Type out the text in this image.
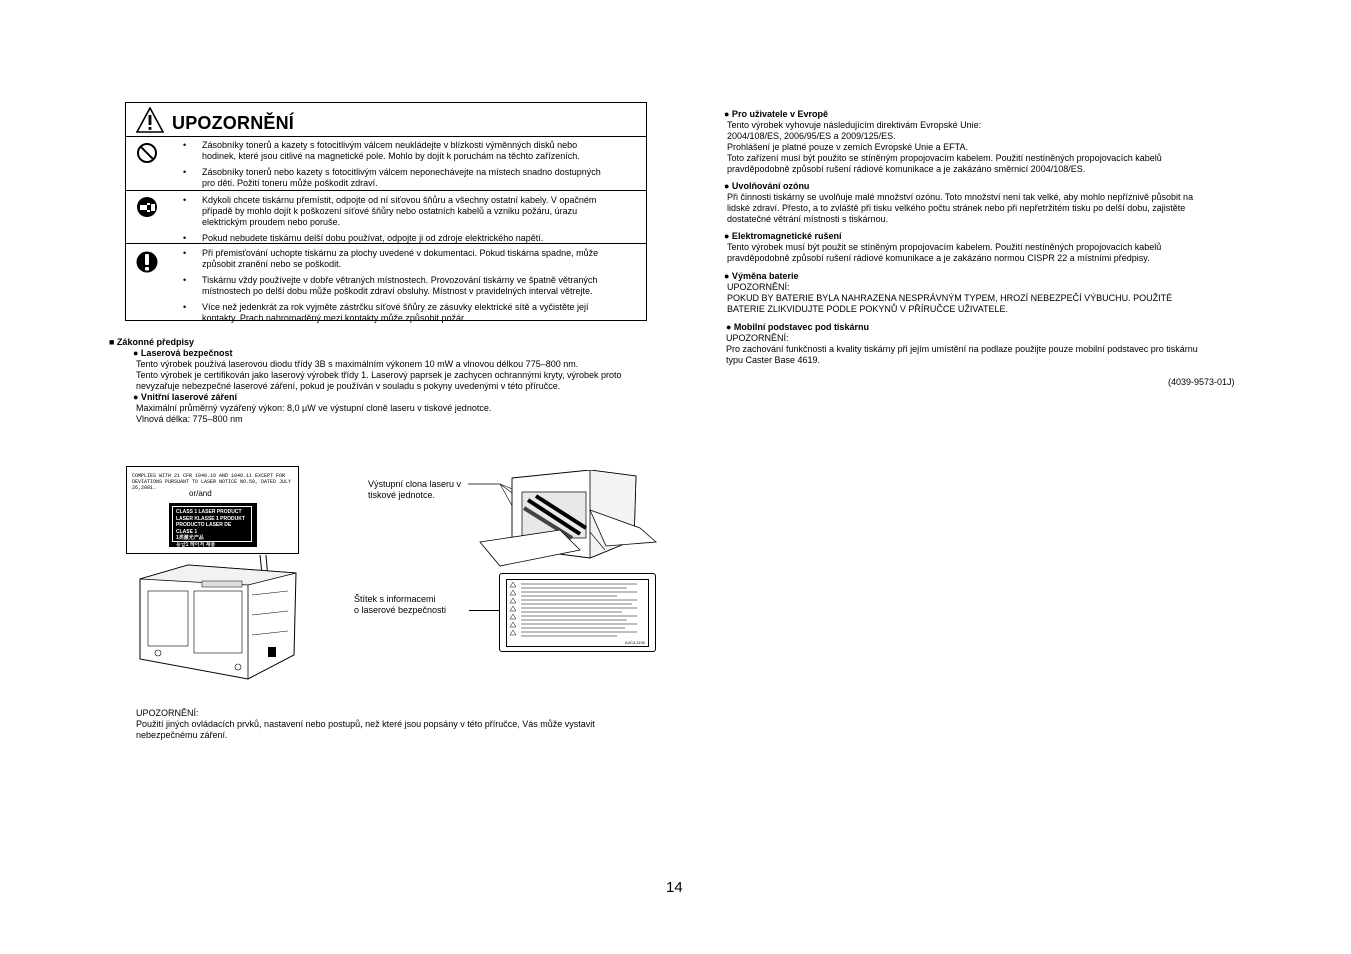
UPOZORNĚNÍ
• Zásobníky tonerů a kazety s fotocitlivým válcem neukládejte v blízkosti výměnných disků nebo
hodinek, které jsou citlivé na magnetické pole. Mohlo by dojít k poruchám na těchto zařízeních.
• Zásobníky tonerů nebo kazety s fotocitlivým válcem neponechávejte na místech snadno dostupných
pro děti. Požití toneru může poškodit zdraví.
• Kdykoli chcete tiskárnu přemístit, odpojte od ní síťovou šňůru a všechny ostatní kabely. V opačném
případě by mohlo dojít k poškození síťové šňůry nebo ostatních kabelů a vzniku požáru, úrazu
elektrickým proudem nebo poruše.
• Pokud nebudete tiskárnu delší dobu používat, odpojte ji od zdroje elektrického napětí.
• Při přemisťování uchopte tiskárnu za plochy uvedené v dokumentaci. Pokud tiskárna spadne, může
způsobit zranění nebo se poškodit.
• Tiskárnu vždy používejte v dobře větraných místnostech. Provozování tiskárny ve špatně větraných
místnostech po delší dobu může poškodit zdraví obsluhy. Místnost v pravidelných interval větrejte.
• Více než jedenkrát za rok vyjměte zástrčku síťové šňůry ze zásuvky elektrické sítě a vyčistěte její
kontakty. Prach nahromaděný mezi kontakty může způsobit požár.
■ Zákonné předpisy
● Laserová bezpečnost
Tento výrobek používá laserovou diodu třídy 3B s maximálním výkonem 10 mW a vlnovou délkou 775–800 nm.
Tento výrobek je certifikován jako laserový výrobek třídy 1. Laserový paprsek je zachycen ochrannými kryty, výrobek proto
nevyzařuje nebezpečné laserové záření, pokud je používán v souladu s pokyny uvedenými v této příručce.
● Vnitřní laserové záření
Maximální průměrný vyzářený výkon: 8,0 µW ve výstupní cloně laseru v tiskové jednotce.
Vlnová délka: 775–800 nm
COMPLIES WITH 21 CFR 1040.10 AND 1040.11 EXCEPT FOR
DEVIATIONS PURSUANT TO LASER NOTICE NO.50, DATED JULY 26,2001.
or/and
CLASS 1 LASER PRODUCT
LASER KLASSE 1 PRODUKT
PRODUCTO LASER DE CLASE 1
1类激光产品
등급1 레이저 제품
Výstupní clona laseru v
tiskové jednotce.
Štítek s informacemi
o laserové bezpečnosti
A2C4-1190
UPOZORNĚNÍ:
Použití jiných ovládacích prvků, nastavení nebo postupů, než které jsou popsány v této příručce, Vás může vystavit
nebezpečnému záření.
● Pro uživatele v Evropě
Tento výrobek vyhovuje následujícím direktivám Evropské Unie:
2004/108/ES, 2006/95/ES a 2009/125/ES.
Prohlášení je platné pouze v zemích Evropské Unie a EFTA.
Toto zařízení musí být použito se stíněným propojovacím kabelem. Použití nestíněných propojovacích kabelů
pravděpodobně způsobí rušení rádiové komunikace a je zakázáno směrnicí 2004/108/ES.
● Uvolňování ozónu
Při činnosti tiskárny se uvolňuje malé množství ozónu. Toto množství není tak velké, aby mohlo nepříznivě působit na
lidské zdraví. Přesto, a to zvláště při tisku velkého počtu stránek nebo při nepřetržitém tisku po delší dobu, zajistěte
dostatečné větrání místnosti s tiskárnou.
● Elektromagnetické rušení
Tento výrobek musí být použit se stíněným propojovacím kabelem. Použití nestíněných propojovacích kabelů
pravděpodobně způsobí rušení rádiové komunikace a je zakázáno normou CISPR 22 a místními předpisy.
● Výměna baterie
UPOZORNĚNÍ:
POKUD BY BATERIE BYLA NAHRAZENA NESPRÁVNÝM TYPEM, HROZÍ NEBEZPEČÍ VÝBUCHU. POUŽITÉ
BATERIE ZLIKVIDUJTE PODLE POKYNŮ V PŘÍRUČCE UŽIVATELE.
● Mobilní podstavec pod tiskárnu
UPOZORNĚNÍ:
Pro zachování funkčnosti a kvality tiskárny při jejím umístění na podlaze použijte pouze mobilní podstavec pro tiskárnu
typu Caster Base 4619.
(4039-9573-01J)
14
